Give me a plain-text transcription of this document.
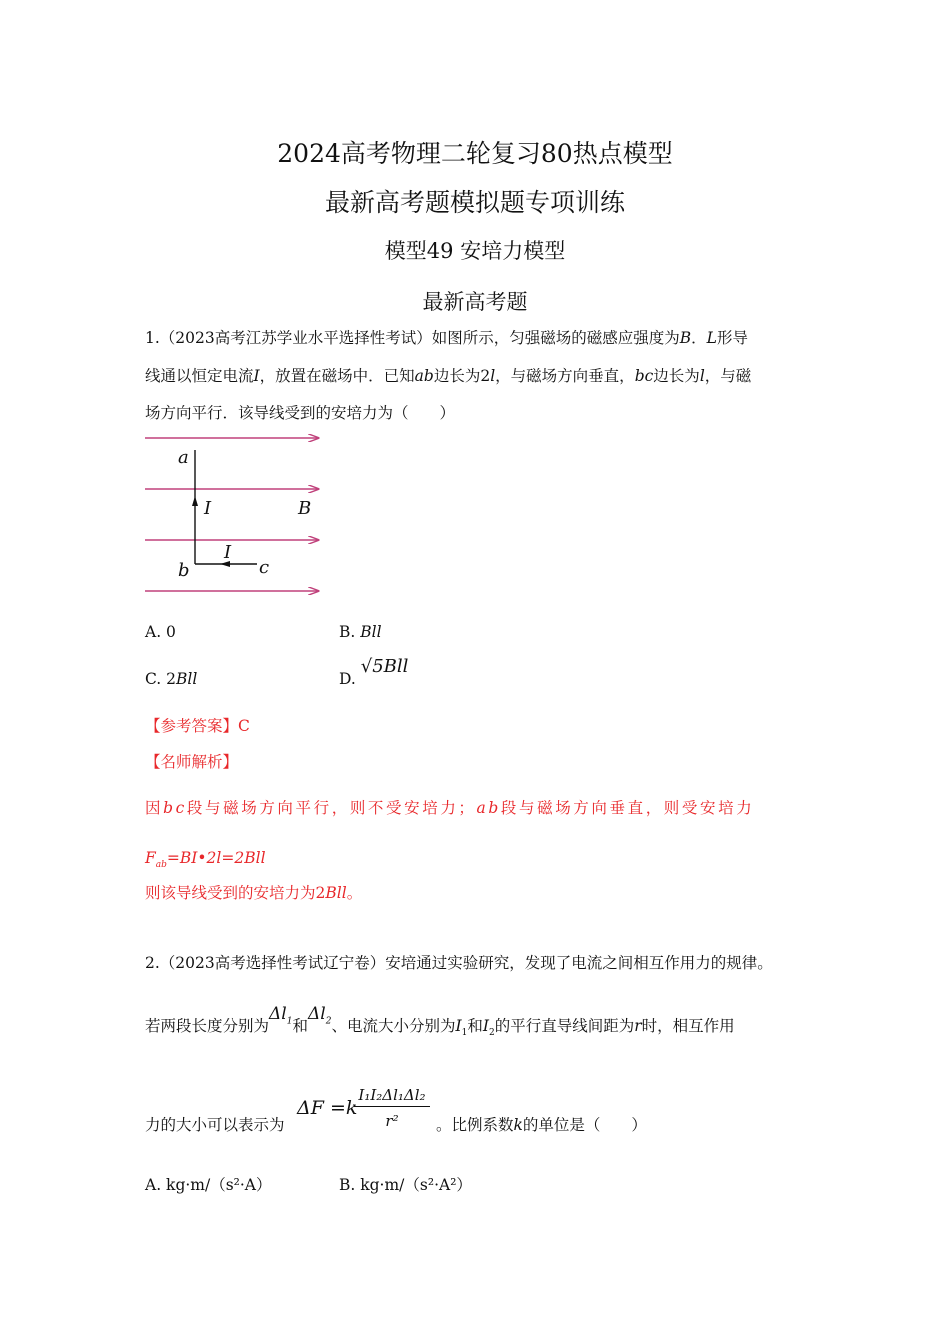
2024高考物理二轮复习80热点模型
最新高考题模拟题专项训练
模型49 安培力模型
最新高考题
1.（2023高考江苏学业水平选择性考试）如图所示，匀强磁场的磁感应强度为B．L形导
线通以恒定电流I，放置在磁场中．已知ab边长为2l，与磁场方向垂直，bc边长为l，与磁
场方向平行．该导线受到的安培力为（　　）
a
b	c
I
I
B
A. 0	B. Bll
C. 2Bll	D. √5Bll
【参考答案】C
【名师解析】
因bc段与磁场方向平行，则不受安培力；ab段与磁场方向垂直，则受安培力
$F_{ab}=BI•2l=2Bll$
则该导线受到的安培力为2Bll。
2.（2023高考选择性考试辽宁卷）安培通过实验研究，发现了电流之间相互作用力的规律。
若两段长度分别为$\Delta l_1$和$\Delta l_2$、电流大小分别为$I_1$和$I_2$的平行直导线间距为r时，相互作用
力的大小可以表示为
ΔF =k
I₁I₂Δl₁Δl₂
r²	。比例系数k的单位是（　　）
A. kg·m/（s²·A）	B. kg·m/（s²·A²）
